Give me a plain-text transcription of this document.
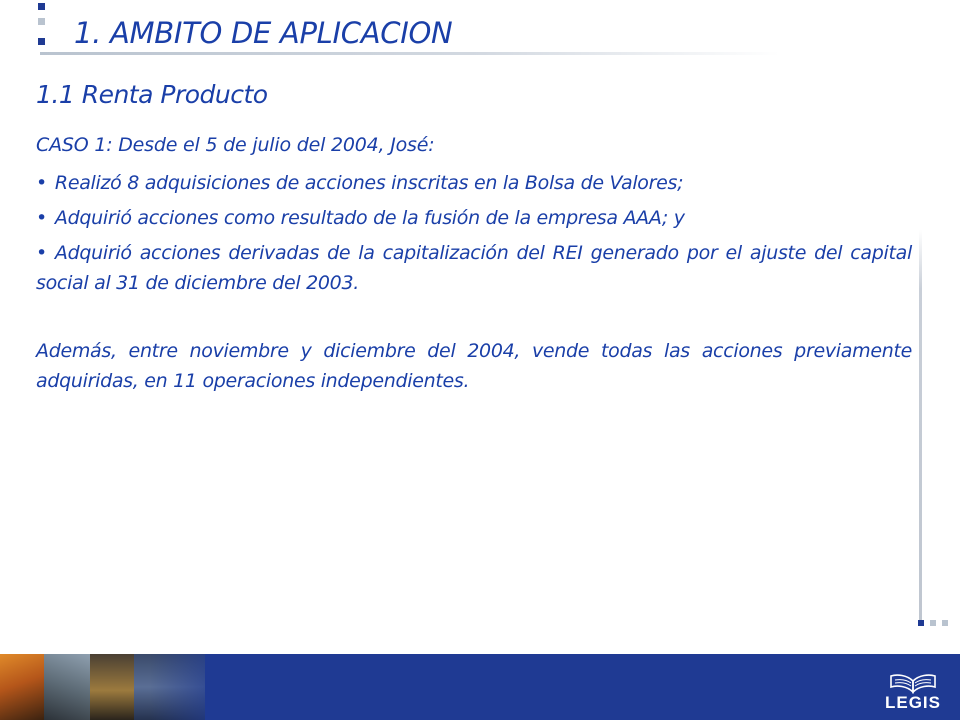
1. AMBITO DE APLICACION
1.1 Renta Producto
CASO 1: Desde el 5 de julio del 2004, José:
• Realizó 8 adquisiciones de acciones inscritas en la Bolsa de Valores;
• Adquirió acciones como resultado de la fusión de la empresa AAA; y

• Adquirió acciones derivadas de la capitalización del REI generado por el ajuste del capital social al 31 de diciembre del 2003.

Además, entre noviembre y diciembre del 2004, vende todas las acciones previamente adquiridas, en 11 operaciones independientes.

LEGIS
